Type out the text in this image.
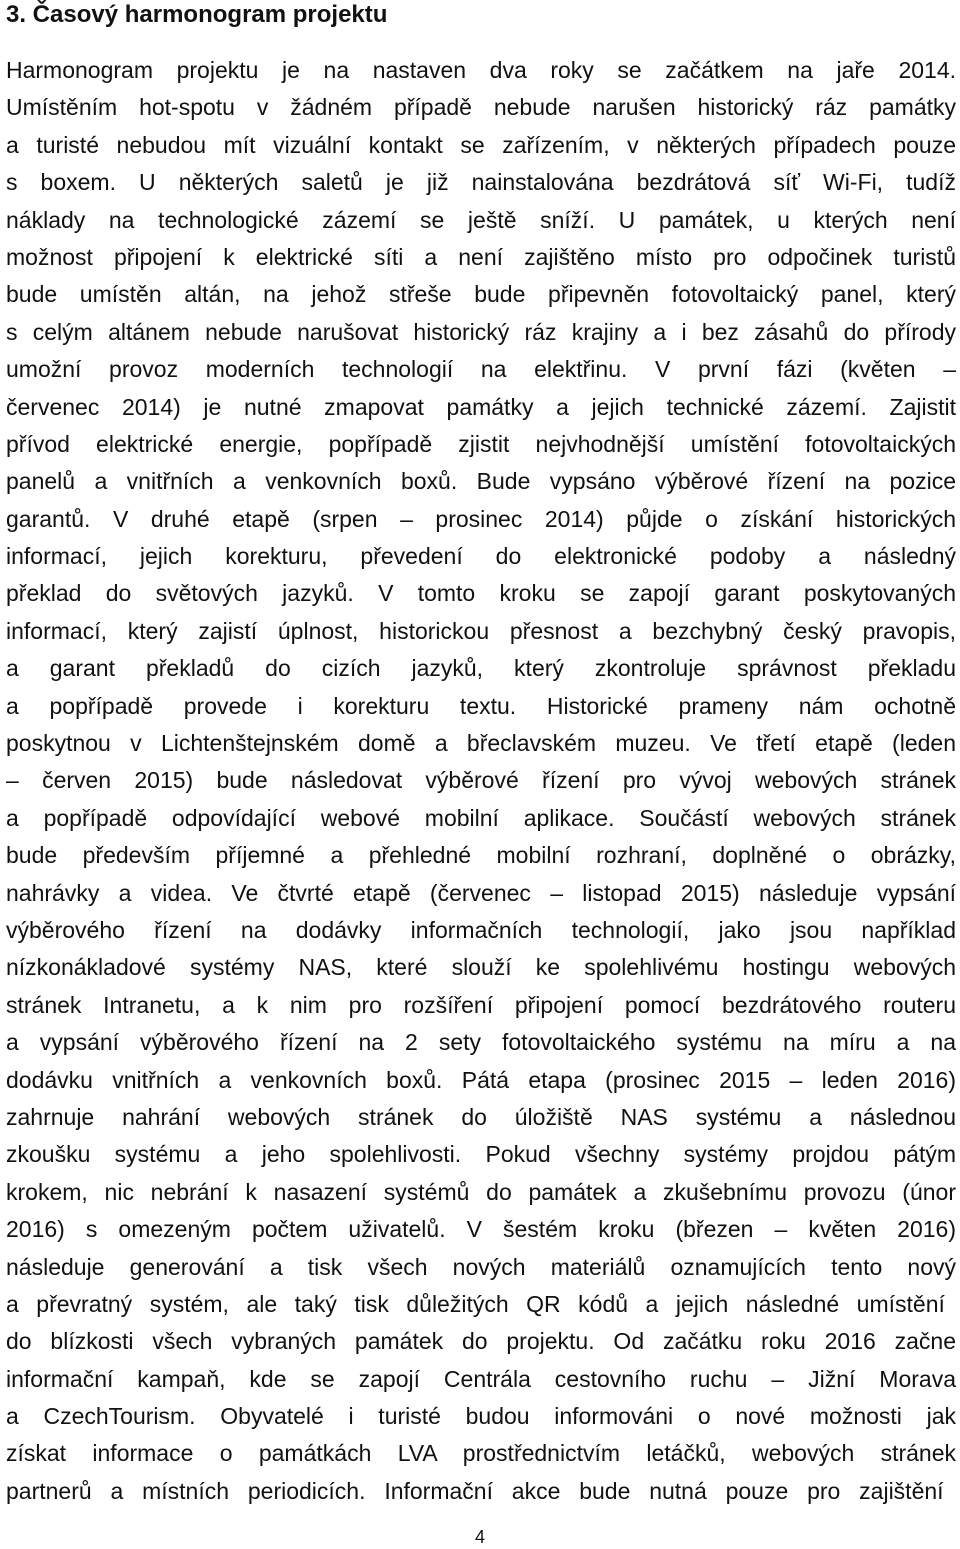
3. Časový harmonogram projektu
Harmonogram projektu je na nastaven dva roky se začátkem na jaře 2014.
Umístěním hot-spotu v žádném případě nebude narušen historický ráz památky
a turisté nebudou mít vizuální kontakt se zařízením, v některých případech pouze
s boxem. U některých saletů je již nainstalována bezdrátová síť Wi-Fi, tudíž
náklady na technologické zázemí se ještě sníží. U památek, u kterých není
možnost připojení k elektrické síti a není zajištěno místo pro odpočinek turistů
bude umístěn altán, na jehož střeše bude připevněn fotovoltaický panel, který
s celým altánem nebude narušovat historický ráz krajiny a i bez zásahů do přírody
umožní provoz moderních technologií na elektřinu. V první fázi (květen –
červenec 2014) je nutné zmapovat památky a jejich technické zázemí. Zajistit
přívod elektrické energie, popřípadě zjistit nejvhodnější umístění fotovoltaických
panelů a vnitřních a venkovních boxů. Bude vypsáno výběrové řízení na pozice
garantů. V druhé etapě (srpen – prosinec 2014) půjde o získání historických
informací, jejich korekturu, převedení do elektronické podoby a následný
překlad do světových jazyků. V tomto kroku se zapojí garant poskytovaných
informací, který zajistí úplnost, historickou přesnost a bezchybný český pravopis,
a garant překladů do cizích jazyků, který zkontroluje správnost překladu
a popřípadě provede i korekturu textu. Historické prameny nám ochotně
poskytnou v Lichtenštejnském domě a břeclavském muzeu. Ve třetí etapě (leden
– červen 2015) bude následovat výběrové řízení pro vývoj webových stránek
a popřípadě odpovídající webové mobilní aplikace. Součástí webových stránek
bude především příjemné a přehledné mobilní rozhraní, doplněné o obrázky,
nahrávky a videa. Ve čtvrté etapě (červenec – listopad 2015) následuje vypsání
výběrového řízení na dodávky informačních technologií, jako jsou například
nízkonákladové systémy NAS, které slouží ke spolehlivému hostingu webových
stránek Intranetu, a k nim pro rozšíření připojení pomocí bezdrátového routeru
a vypsání výběrového řízení na 2 sety fotovoltaického systému na míru a na
dodávku vnitřních a venkovních boxů. Pátá etapa (prosinec 2015 – leden 2016)
zahrnuje nahrání webových stránek do úložiště NAS systému a následnou
zkoušku systému a jeho spolehlivosti. Pokud všechny systémy projdou pátým
krokem, nic nebrání k nasazení systémů do památek a zkušebnímu provozu (únor
2016) s omezeným počtem uživatelů. V šestém kroku (březen – květen 2016)
následuje generování a tisk všech nových materiálů oznamujících tento nový
a převratný systém, ale taký tisk důležitých QR kódů a jejich následné umístění
do blízkosti všech vybraných památek do projektu. Od začátku roku 2016 začne
informační kampaň, kde se zapojí Centrála cestovního ruchu – Jižní Morava
a CzechTourism. Obyvatelé i turisté budou informováni o nové možnosti jak
získat informace o památkách LVA prostřednictvím letáčků, webových stránek
partnerů a místních periodicích. Informační akce bude nutná pouze pro zajištění
4
